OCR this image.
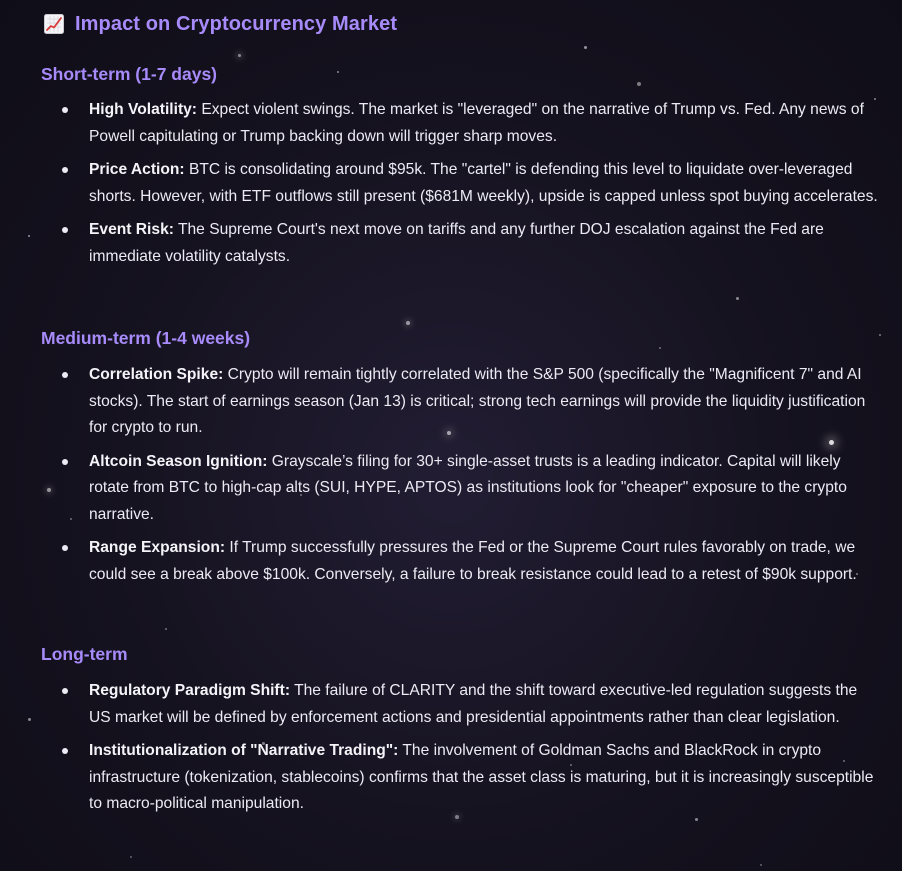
Impact on Cryptocurrency Market
Short-term (1-7 days)
High Volatility: Expect violent swings. The market is "leveraged" on the narrative of Trump vs. Fed. Any news of Powell capitulating or Trump backing down will trigger sharp moves.
Price Action: BTC is consolidating around $95k. The "cartel" is defending this level to liquidate over-leveraged shorts. However, with ETF outflows still present ($681M weekly), upside is capped unless spot buying accelerates.
Event Risk: The Supreme Court's next move on tariffs and any further DOJ escalation against the Fed are immediate volatility catalysts.
Medium-term (1-4 weeks)
Correlation Spike: Crypto will remain tightly correlated with the S&P 500 (specifically the "Magnificent 7" and AI stocks). The start of earnings season (Jan 13) is critical; strong tech earnings will provide the liquidity justification for crypto to run.
Altcoin Season Ignition: Grayscale’s filing for 30+ single-asset trusts is a leading indicator. Capital will likely rotate from BTC to high-cap alts (SUI, HYPE, APTOS) as institutions look for "cheaper" exposure to the crypto narrative.
Range Expansion: If Trump successfully pressures the Fed or the Supreme Court rules favorably on trade, we could see a break above $100k. Conversely, a failure to break resistance could lead to a retest of $90k support.
Long-term
Regulatory Paradigm Shift: The failure of CLARITY and the shift toward executive-led regulation suggests the US market will be defined by enforcement actions and presidential appointments rather than clear legislation.
Institutionalization of "Narrative Trading": The involvement of Goldman Sachs and BlackRock in crypto infrastructure (tokenization, stablecoins) confirms that the asset class is maturing, but it is increasingly susceptible to macro-political manipulation.
